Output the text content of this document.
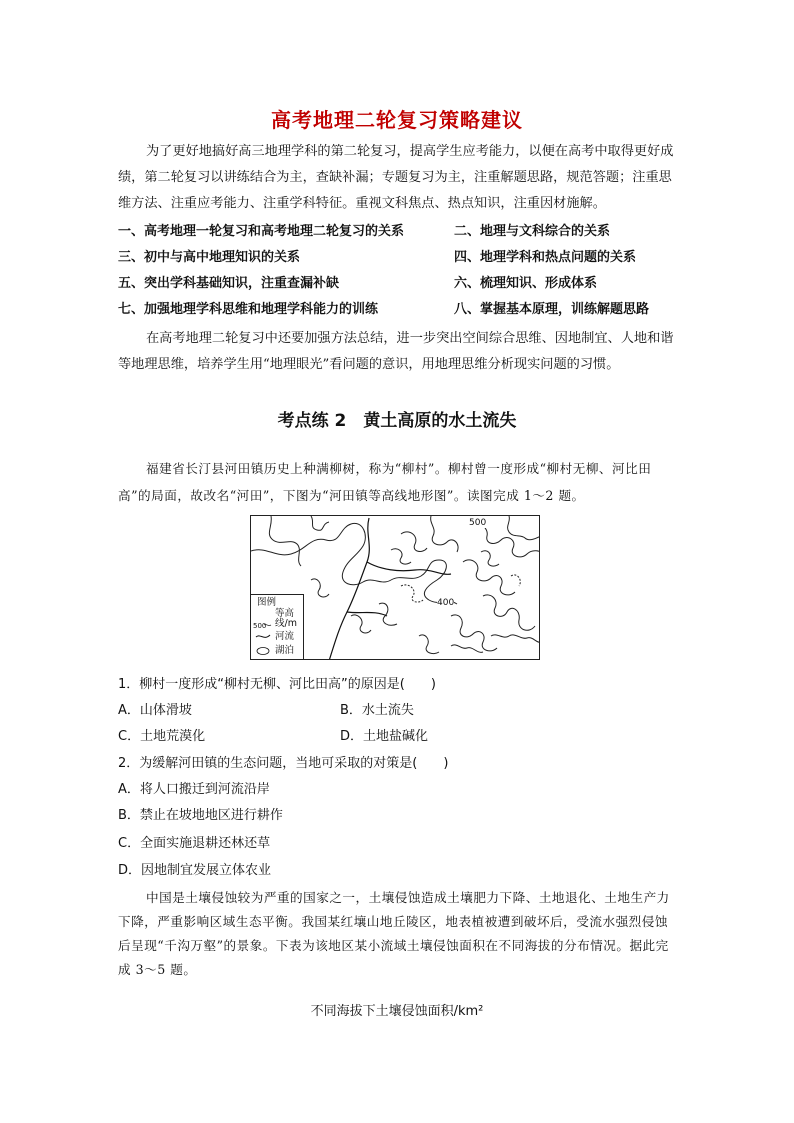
高考地理二轮复习策略建议
为了更好地搞好高三地理学科的第二轮复习，提高学生应考能力，以便在高考中取得更好成绩，第二轮复习以讲练结合为主，查缺补漏；专题复习为主，注重解题思路，规范答题；注重思维方法、注重应考能力、注重学科特征。重视文科焦点、热点知识，注重因材施解。
一、高考地理一轮复习和高考地理二轮复习的关系	二、地理与文科综合的关系
三、初中与高中地理知识的关系	四、地理学科和热点问题的关系
五、突出学科基础知识，注重查漏补缺	六、梳理知识、形成体系
七、加强地理学科思维和地理学科能力的训练	八、掌握基本原理，训练解题思路
在高考地理二轮复习中还要加强方法总结，进一步突出空间综合思维、因地制宜、人地和谐等地理思维，培养学生用“地理眼光”看问题的意识，用地理思维分析现实问题的习惯。
考点练 2　黄土高原的水土流失
福建省长汀县河田镇历史上种满柳树，称为“柳村”。柳村曾一度形成“柳村无柳、河比田高”的局面，故改名“河田”，下图为“河田镇等高线地形图”。读图完成 1～2 题。
500
400
图例
等高线/m
500
河流
湖泊
1．柳村一度形成“柳村无柳、河比田高”的原因是(　　)
A．山体滑坡	B．水土流失
C．土地荒漠化	D．土地盐碱化
2．为缓解河田镇的生态问题，当地可采取的对策是(　　)
A．将人口搬迁到河流沿岸
B．禁止在坡地地区进行耕作
C．全面实施退耕还林还草
D．因地制宜发展立体农业
中国是土壤侵蚀较为严重的国家之一，土壤侵蚀造成土壤肥力下降、土地退化、土地生产力下降，严重影响区域生态平衡。我国某红壤山地丘陵区，地表植被遭到破坏后，受流水强烈侵蚀后呈现“千沟万壑”的景象。下表为该地区某小流域土壤侵蚀面积在不同海拔的分布情况。据此完成 3～5 题。
不同海拔下土壤侵蚀面积/km²
